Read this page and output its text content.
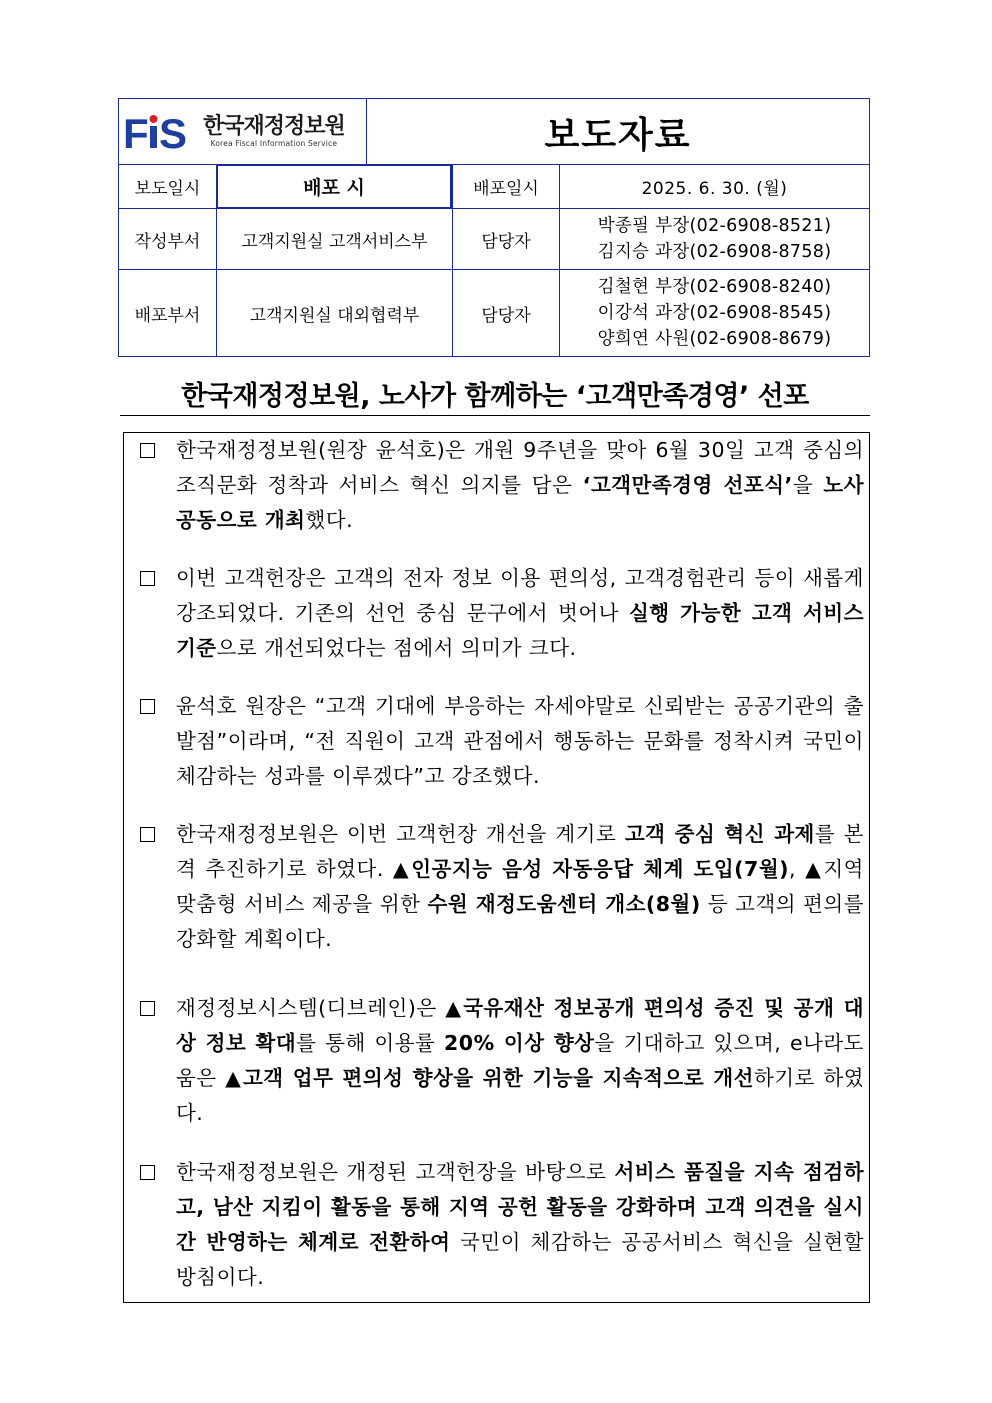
F S 한국재정정보원
Korea Fiscal Information Service	보도자료
보도일시	배포 시	배포일시	2025. 6. 30. (월)
작성부서	고객지원실 고객서비스부	담당자
박종필 부장(02-6908-8521)
김지승 과장(02-6908-8758)
배포부서	고객지원실 대외협력부	담당자
김철현 부장(02-6908-8240)
이강석 과장(02-6908-8545)
양희연 사원(02-6908-8679)
한국재정정보원, 노사가 함께하는 ‘고객만족경영’ 선포
한국재정정보원(원장 윤석호)은 개원 9주년을 맞아 6월 30일 고객 중심의 조직문화 정착과 서비스 혁신 의지를 담은 ‘고객만족경영 선포식’을 노사 공동으로 개최했다.
이번 고객헌장은 고객의 전자 정보 이용 편의성, 고객경험관리 등이 새롭게 강조되었다. 기존의 선언 중심 문구에서 벗어나 실행 가능한 고객 서비스 기준으로 개선되었다는 점에서 의미가 크다.
윤석호 원장은 “고객 기대에 부응하는 자세야말로 신뢰받는 공공기관의 출발점”이라며, “전 직원이 고객 관점에서 행동하는 문화를 정착시켜 국민이 체감하는 성과를 이루겠다”고 강조했다.
한국재정정보원은 이번 고객헌장 개선을 계기로 고객 중심 혁신 과제를 본격 추진하기로 하였다. ▲인공지능 음성 자동응답 체계 도입(7월), ▲지역 맞춤형 서비스 제공을 위한 수원 재정도움센터 개소(8월) 등 고객의 편의를 강화할 계획이다.
재정정보시스템(디브레인)은 ▲국유재산 정보공개 편의성 증진 및 공개 대상 정보 확대를 통해 이용률 20% 이상 향상을 기대하고 있으며, e나라도움은 ▲고객 업무 편의성 향상을 위한 기능을 지속적으로 개선하기로 하였다.
한국재정정보원은 개정된 고객헌장을 바탕으로 서비스 품질을 지속 점검하고, 남산 지킴이 활동을 통해 지역 공헌 활동을 강화하며 고객 의견을 실시간 반영하는 체계로 전환하여 국민이 체감하는 공공서비스 혁신을 실현할 방침이다.
